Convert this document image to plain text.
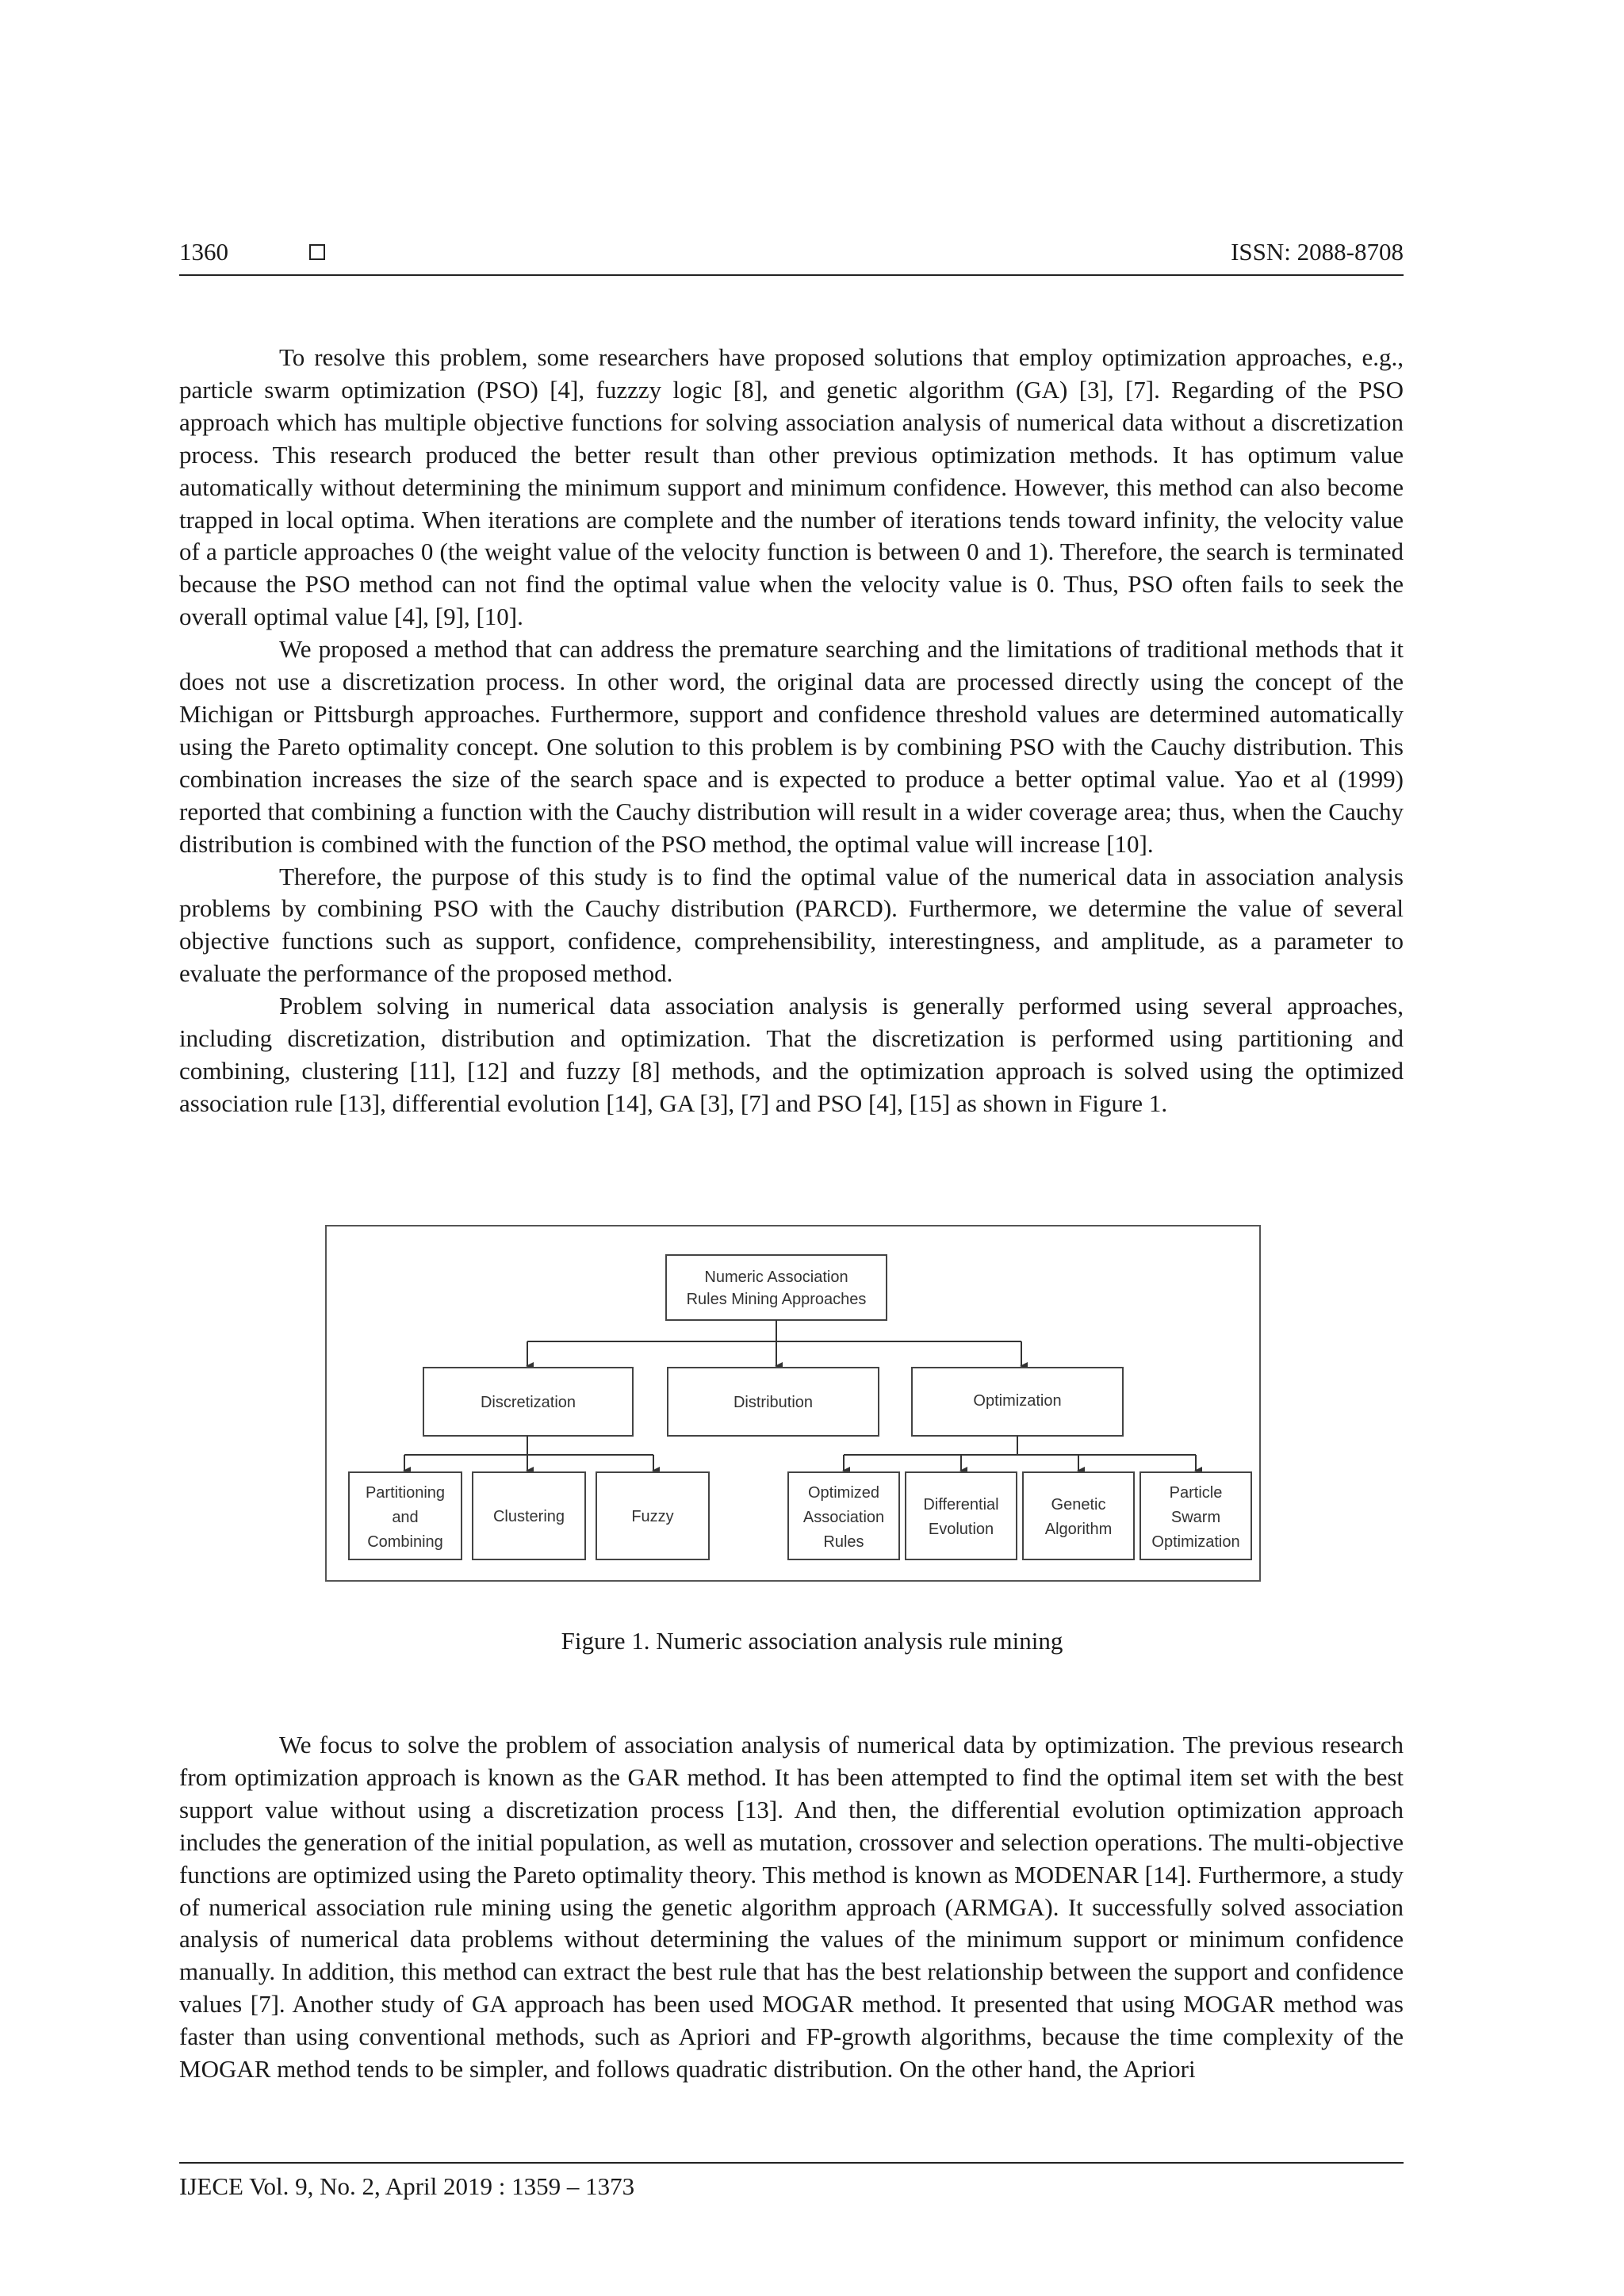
1360	ISSN: 2088-8708

To resolve this problem, some researchers have proposed solutions that employ optimization approaches, e.g., particle swarm optimization (PSO) [4], fuzzzy logic [8], and genetic algorithm (GA) [3], [7]. Regarding of the PSO approach which has multiple objective functions for solving association analysis of numerical data without a discretization process. This research produced the better result than other previous optimization methods. It has optimum value automatically without determining the minimum support and minimum confidence. However, this method can also become trapped in local optima. When iterations are complete and the number of iterations tends toward infinity, the velocity value of a particle approaches 0 (the weight value of the velocity function is between 0 and 1). Therefore, the search is terminated because the PSO method can not find the optimal value when the velocity value is 0. Thus, PSO often fails to seek the overall optimal value [4], [9], [10].

We proposed a method that can address the premature searching and the limitations of traditional methods that it does not use a discretization process. In other word, the original data are processed directly using the concept of the Michigan or Pittsburgh approaches. Furthermore, support and confidence threshold values are determined automatically using the Pareto optimality concept. One solution to this problem is by combining PSO with the Cauchy distribution. This combination increases the size of the search space and is expected to produce a better optimal value. Yao et al (1999) reported that combining a function with the Cauchy distribution will result in a wider coverage area; thus, when the Cauchy distribution is combined with the function of the PSO method, the optimal value will increase [10].

Therefore, the purpose of this study is to find the optimal value of the numerical data in association analysis problems by combining PSO with the Cauchy distribution (PARCD). Furthermore, we determine the value of several objective functions such as support, confidence, comprehensibility, interestingness, and amplitude, as a parameter to evaluate the performance of the proposed method.

Problem solving in numerical data association analysis is generally performed using several approaches, including discretization, distribution and optimization. That the discretization is performed using partitioning and combining, clustering [11], [12] and fuzzy [8] methods, and the optimization approach is solved using the optimized association rule [13], differential evolution [14], GA [3], [7] and PSO [4], [15] as shown in Figure 1.

Numeric Association
Rules Mining Approaches
Discretization	Distribution	Optimization
Partitioning
and
Combining
Clustering	Fuzzy
Optimized
Association
Rules
Differential
Evolution
Genetic
Algorithm
Particle
Swarm
Optimization

Figure 1. Numeric association analysis rule mining

We focus to solve the problem of association analysis of numerical data by optimization. The previous research from optimization approach is known as the GAR method. It has been attempted to find the optimal item set with the best support value without using a discretization process [13]. And then, the differential evolution optimization approach includes the generation of the initial population, as well as mutation, crossover and selection operations. The multi-objective functions are optimized using the Pareto optimality theory. This method is known as MODENAR [14]. Furthermore, a study of numerical association rule mining using the genetic algorithm approach (ARMGA). It successfully solved association analysis of numerical data problems without determining the values of the minimum support or minimum confidence manually. In addition, this method can extract the best rule that has the best relationship between the support and confidence values [7]. Another study of GA approach has been used MOGAR method. It presented that using MOGAR method was faster than using conventional methods, such as Apriori and FP-growth algorithms, because the time complexity of the MOGAR method tends to be simpler, and follows quadratic distribution. On the other hand, the Apriori

IJECE Vol. 9, No. 2, April 2019 : 1359 – 1373
